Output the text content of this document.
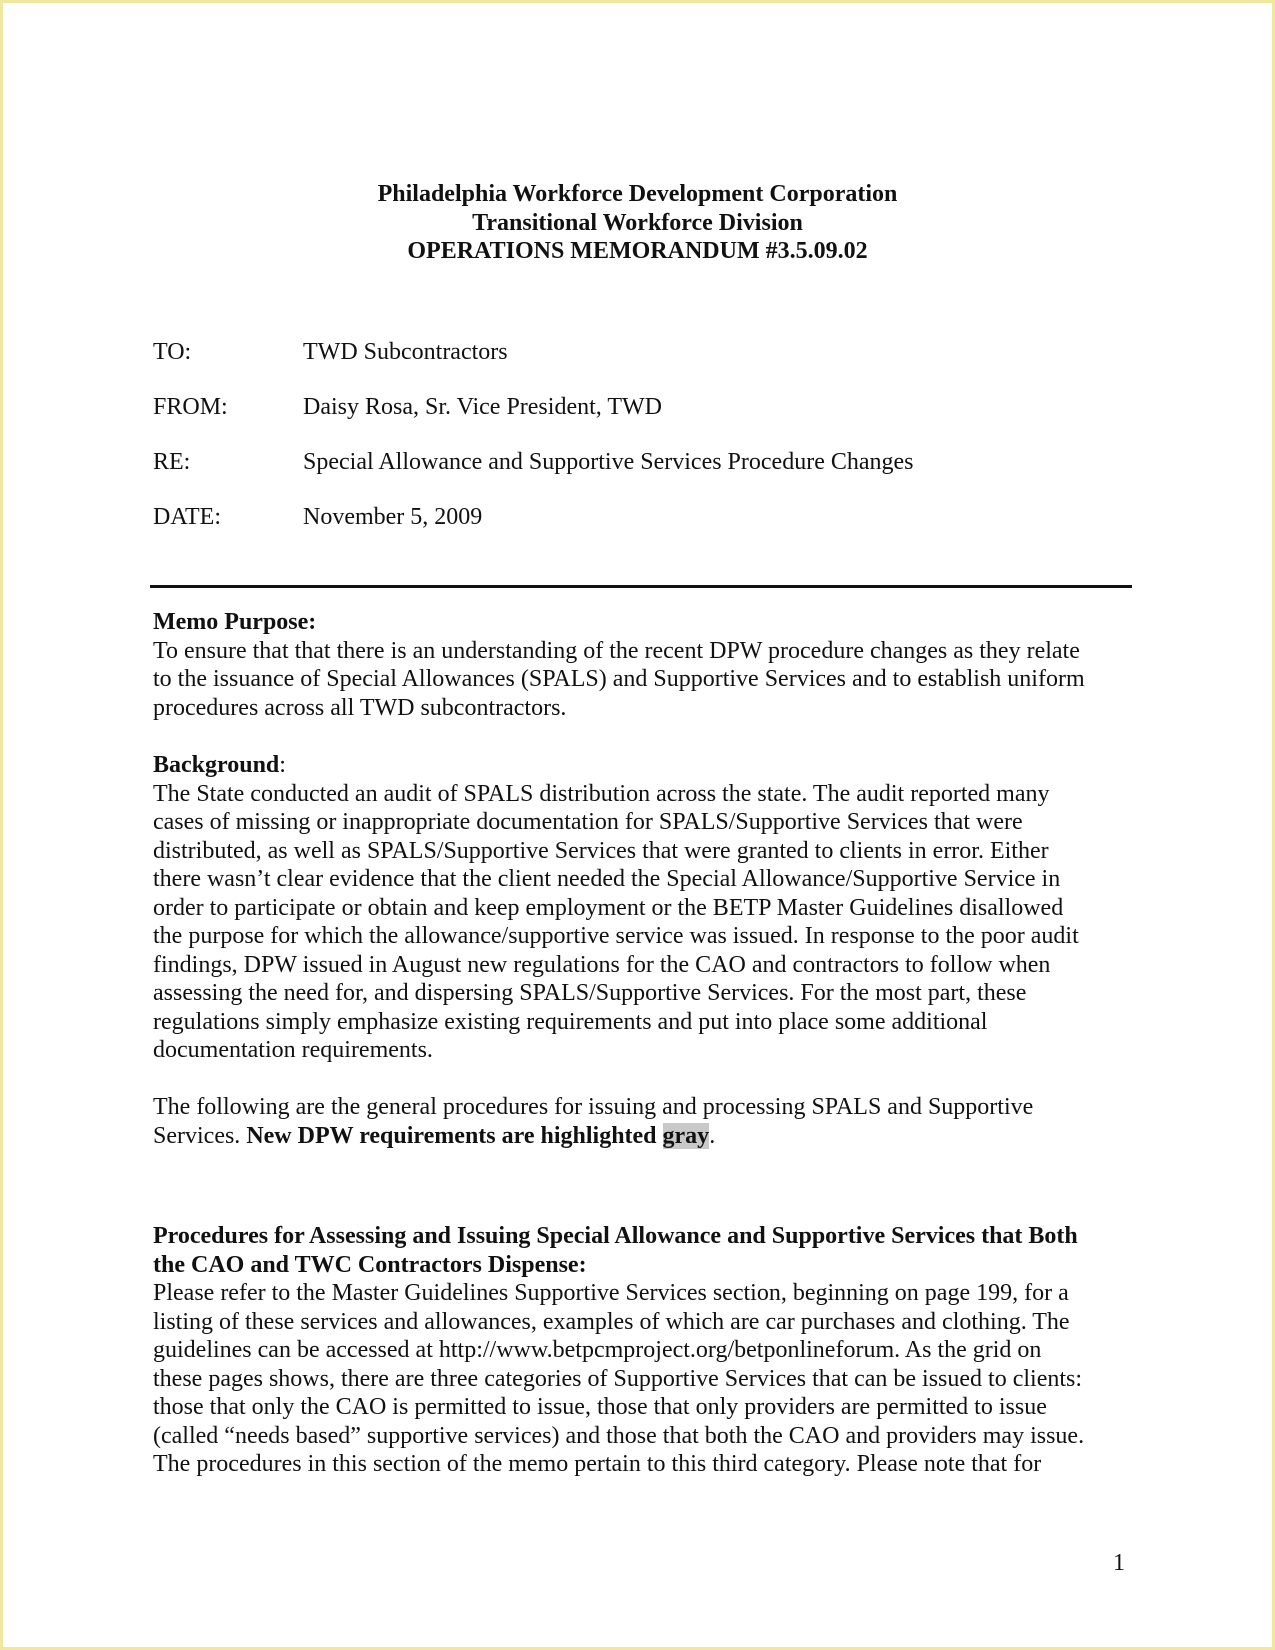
Philadelphia Workforce Development Corporation
Transitional Workforce Division
OPERATIONS MEMORANDUM #3.5.09.02
TO:	TWD Subcontractors
FROM:	Daisy Rosa, Sr. Vice President, TWD
RE:	Special Allowance and Supportive Services Procedure Changes
DATE:	November 5, 2009
Memo Purpose:
To ensure that that there is an understanding of the recent DPW procedure changes as they relate
to the issuance of Special Allowances (SPALS) and Supportive Services and to establish uniform
procedures across all TWD subcontractors.
Background:
The State conducted an audit of SPALS distribution across the state. The audit reported many
cases of missing or inappropriate documentation for SPALS/Supportive Services that were
distributed, as well as SPALS/Supportive Services that were granted to clients in error. Either
there wasn’t clear evidence that the client needed the Special Allowance/Supportive Service in
order to participate or obtain and keep employment or the BETP Master Guidelines disallowed
the purpose for which the allowance/supportive service was issued. In response to the poor audit
findings, DPW issued in August new regulations for the CAO and contractors to follow when
assessing the need for, and dispersing SPALS/Supportive Services. For the most part, these
regulations simply emphasize existing requirements and put into place some additional
documentation requirements.
The following are the general procedures for issuing and processing SPALS and Supportive
Services. New DPW requirements are highlighted gray.
Procedures for Assessing and Issuing Special Allowance and Supportive Services that Both
the CAO and TWC Contractors Dispense:
Please refer to the Master Guidelines Supportive Services section, beginning on page 199, for a
listing of these services and allowances, examples of which are car purchases and clothing. The
guidelines can be accessed at http://www.betpcmproject.org/betponlineforum. As the grid on
these pages shows, there are three categories of Supportive Services that can be issued to clients:
those that only the CAO is permitted to issue, those that only providers are permitted to issue
(called “needs based” supportive services) and those that both the CAO and providers may issue.
The procedures in this section of the memo pertain to this third category. Please note that for
1
